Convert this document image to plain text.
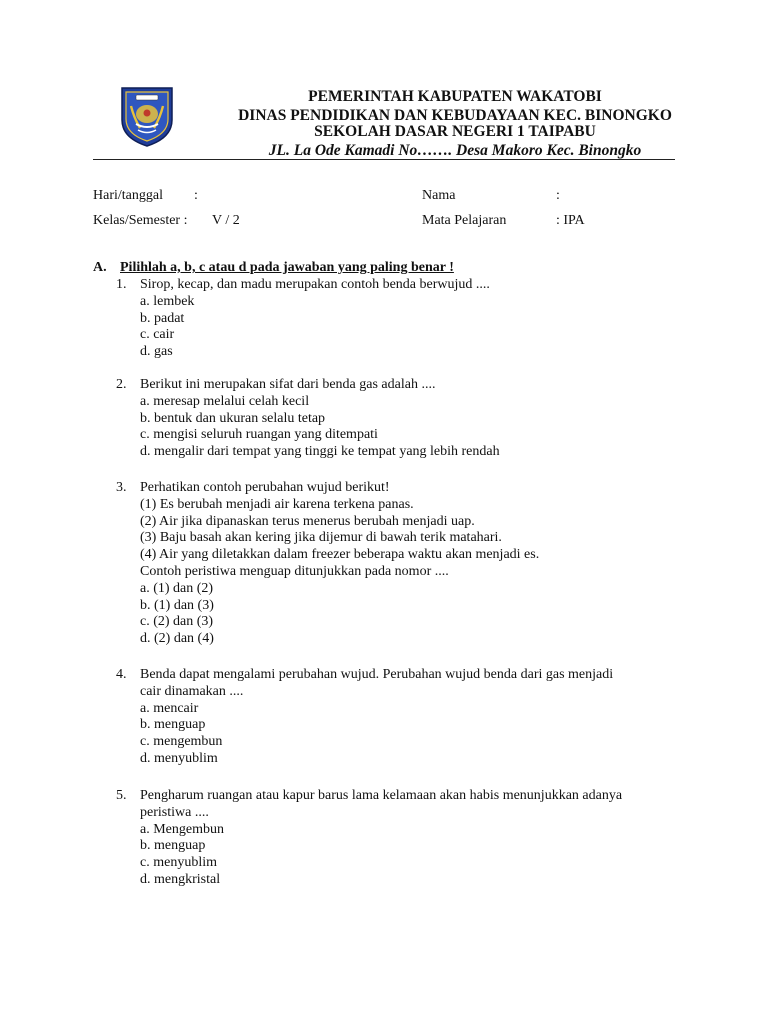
PEMERINTAH KABUPATEN WAKATOBI
DINAS PENDIDIKAN DAN KEBUDAYAAN KEC. BINONGKO
SEKOLAH DASAR NEGERI 1 TAIPABU
JL. La Ode Kamadi No……. Desa Makoro Kec. Binongko
Hari/tanggal :
Kelas/Semester : V / 2
Nama	:
Mata Pelajaran	: IPA
A. Pilihlah a, b, c atau d pada jawaban yang paling benar !
1. Sirop, kecap, dan madu merupakan contoh benda berwujud ....
a. lembek
b. padat
c. cair
d. gas
2. Berikut ini merupakan sifat dari benda gas adalah ....
a. meresap melalui celah kecil
b. bentuk dan ukuran selalu tetap
c. mengisi seluruh ruangan yang ditempati
d. mengalir dari tempat yang tinggi ke tempat yang lebih rendah
3. Perhatikan contoh perubahan wujud berikut!
(1) Es berubah menjadi air karena terkena panas.
(2) Air jika dipanaskan terus menerus berubah menjadi uap.
(3) Baju basah akan kering jika dijemur di bawah terik matahari.
(4) Air yang diletakkan dalam freezer beberapa waktu akan menjadi es.
Contoh peristiwa menguap ditunjukkan pada nomor ....
a. (1) dan (2)
b. (1) dan (3)
c. (2) dan (3)
d. (2) dan (4)
4. Benda dapat mengalami perubahan wujud. Perubahan wujud benda dari gas menjadi
cair dinamakan ....
a. mencair
b. menguap
c. mengembun
d. menyublim
5. Pengharum ruangan atau kapur barus lama kelamaan akan habis menunjukkan adanya
peristiwa ....
a. Mengembun
b. menguap
c. menyublim
d. mengkristal
